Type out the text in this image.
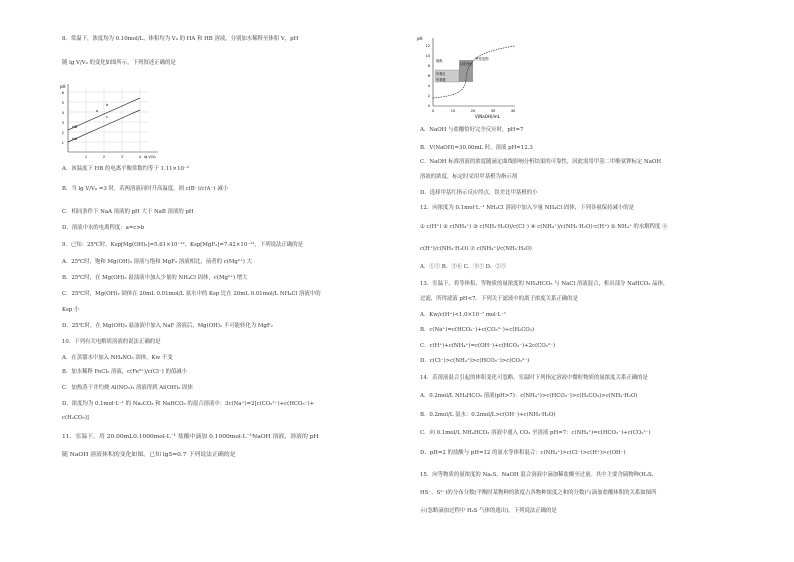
8．常温下，浓度均为 0.10mol/L、体积均为 V₀ 的 HA 和 HB 溶液，分别加水稀释至体积 V，pH
随 lg V/V₀ 的变化如图所示，下列叙述正确的是
pH
lg V/V₀
1
2
3
4
5
6
1	2	3	4
HB
HA
a
b
c
A．该温度下 HB 的电离平衡常数约等于 1.11×10⁻⁵
B．当 lg V/V₀ =3 时，若两溶液同时升高温度，则 c(B⁻)/c(A⁻) 减小
C．相同条件下 NaA 溶液的 pH 大于 NaB 溶液的 pH
D．溶液中水的电离程度：a=c>b
9．已知：25℃时，Ksp[Mg(OH)₂]=5.61×10⁻¹²，Ksp[MgF₂]=7.42×10⁻¹¹，下列说法正确的是
A．25℃时，饱和 Mg(OH)₂ 溶液与饱和 MgF₂ 溶液相比，前者的 c(Mg²⁺) 大
B．25℃时，在 Mg(OH)₂ 悬浊液中加入少量的 NH₄Cl 固体，c(Mg²⁺) 增大
C．25℃时，Mg(OH)₂ 固体在 20mL 0.01mol/L 氨水中的 Ksp 比在 20mL 0.01mol/L NH₄Cl 溶液中的
Ksp 小
D．25℃时，在 Mg(OH)₂ 悬浊液中加入 NaF 溶液后，Mg(OH)₂ 不可能转化为 MgF₂
10．下列有关电解质溶液的说法正确的是
A．在蒸馏水中加入 NH₄NO₃ 固体，Kw 不变
B．加水稀释 FeCl₃ 溶液，c(Fe³⁺)/c(Cl⁻) 的值减小
C．加热蒸干并灼烧 Al(NO₃)₃ 溶液得到 Al(OH)₃ 固体
D．浓度均为 0.1mol·L⁻¹ 的 Na₂CO₃ 和 NaHCO₃ 的混合溶液中：3c(Na⁺)=2[c(CO₃²⁻)+c(HCO₃⁻)+
c(H₂CO₃)]
11．室温下，用 20.00mL0.1000mol·L⁻¹ 盐酸中滴加 0.1000mol·L⁻¹NaOH 溶液，溶液的 pH
随 NaOH 溶液体积的变化如图。已知 lg5=0.7 下列说法正确的是
pH
V(NaOH)/mL
0
2
4
6
8
10
12
0	10	20	30	40
酚酞	突变范围
反应终点
甲基红
甲基橙
A．NaOH 与盐酸恰好完全反应时，pH=7
B．V(NaOH)=30.00mL 时，溶液 pH=12.3
C．NaOH 标准溶液的浓度随滴定曲线影响分析结果的可靠性，因此需用甲基二甲酚氨钾标定 NaOH
溶液的浓度，标定时采用甲基橙为指示剂
D．选择甲基红指示反应终点，误差比甲基橙的小
12．向浓度为 0.1mol·L⁻¹ NH₄Cl 溶液中加入少量 NH₄Cl 固体，下列各量保持减小的是
① c(H⁺) ② c(NH₄⁺) ③ c(NH₃·H₂O)/c(Cl⁻) ④ c(NH₄⁺)/c(NH₃·H₂O)·c(H⁺) ⑤ NH₄⁺ 的水解程度 ⑥
c(H⁺)/c(NH₃·H₂O) ⑦ c(NH₄⁺)/c(NH₃·H₂O)
A．①⑤ B．③⑥ C．③⑦ D．②⑤
13．室温下，将等体积、等物质的量浓度的 NH₄HCO₃ 与 NaCl 溶液混合，析出部分 NaHCO₃ 晶体，
过滤，所得滤液 pH<7。下列关于滤液中的离子浓度关系正确的是
A．Kw/c(H⁺)<1.0×10⁻⁷ mol·L⁻¹
B．c(Na⁺)=c(HCO₃⁻)+c(CO₃²⁻)+c(H₂CO₃)
C．c(H⁺)+c(NH₄⁺)=c(OH⁻)+c(HCO₃⁻)+2c(CO₃²⁻)
D．c(Cl⁻)>c(NH₄⁺)>c(HCO₃⁻)>c(CO₃²⁻)
14．若溶液混合引起的体积变化可忽略，室温时下列指定溶液中微粒物质的量浓度关系正确的是
A．0.2mol/L NH₄HCO₃ 溶液(pH>7)：c(NH₄⁺)>c(HCO₃⁻)>c(H₂CO₃)>c(NH₃·H₂O)
B．0.2mol/L 氨水：0.2mol/L>c(OH⁻)+c(NH₃·H₂O)
C．向 0.1mol/L NH₄HCO₃ 溶液中通入 CO₂ 至溶液 pH=7：c(NH₄⁺)=c(HCO₃⁻)+c(CO₃²⁻)
D．pH=2 的盐酸与 pH=12 的氨水等体积混合：c(NH₄⁺)>c(Cl⁻)>c(H⁺)>c(OH⁻)
15．向等物质的量浓度的 Na₂S、NaOH 混合溶液中滴加稀盐酸至过量。其中主要含硫物种(H₂S、
HS⁻、S²⁻)的分布分数(平衡时某物种的浓度占各物种浓度之和的分数)与滴加盐酸体积的关系如图所
示(忽略滴加过程中 H₂S 气体的逸出)。下列说法正确的是
